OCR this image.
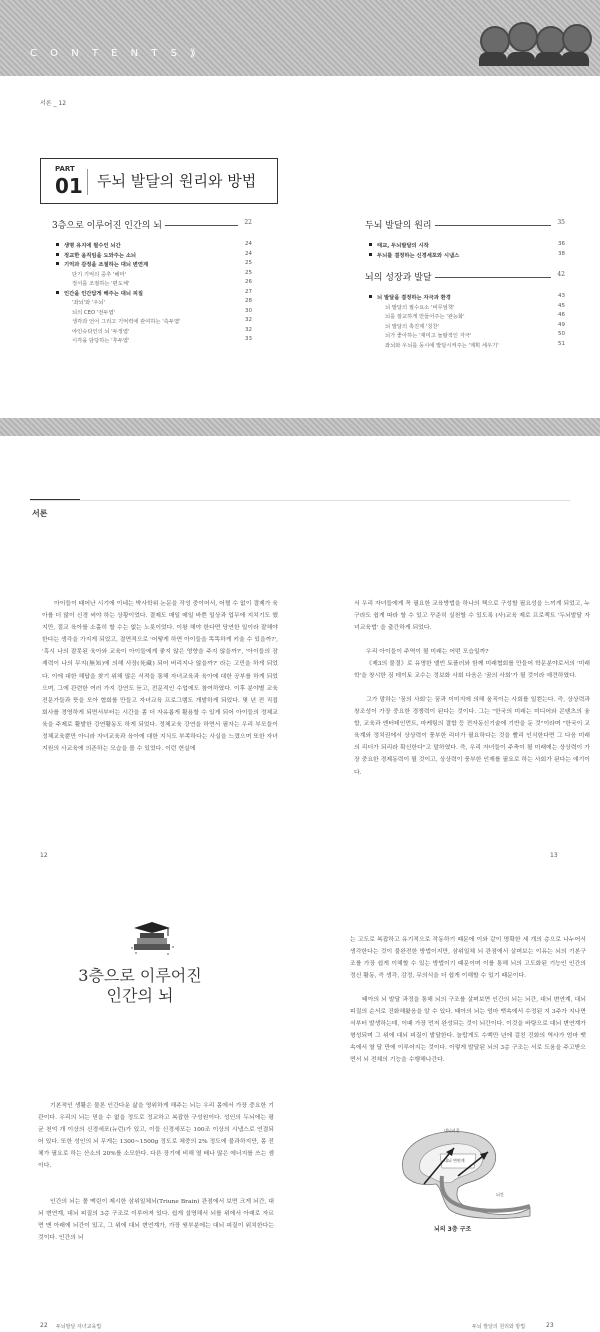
C O N T E N T S ⟫
서론 _ 12
PART
01 두뇌 발달의 원리와 방법
3층으로 이루어진 인간의 뇌	22
생명 유지에 필수인 뇌간	24
정교한 움직임을 도와주는 소뇌	24
기억과 감정을 조절하는 대뇌 변연계	25
단기 기억의 중추 '해마'	25
정서를 조절하는 '편도체'	26
인간을 인간답게 해주는 대뇌 피질	27
'좌뇌'와 '우뇌'	28
뇌의 CEO '전두엽'	30
생각과 언어 그리고 기억력에 관여하는 '측두엽'	32
야인슈타인의 뇌 '두정엽'	32
시각을 담당하는 '후두엽'	33
두뇌 발달의 원리	35
태교, 두뇌발달의 시작	36
두뇌를 결정하는 신경세포와 시냅스	38
뇌의 성장과 발달	42
뇌 발달을 결정하는 자극과 환경	43
뇌 발달의 필수요소 '비무엄책'	45
뇌를 잘교하게 만들어주는 '관능화'	46
뇌 발달의 촉진제 '칭찬'	49
뇌가 좋아하는 '재미고 놀랄적인 자극'	50
좌뇌와 우뇌를 동시에 발달시켜주는 '계획 세우기'	51
서론
아이들이 태어난 시기에 이네는 박사학위 논문을 작성 중이어서, 어쩔 수 없이 결제가 육아를 더 많이 신경 써야 하는 상황이었다. 결제도 매일 매일 바쁜 일상과 업무에 지치기도 했지만, 절교 육아를 소홀히 할 수는 없는 노릇이었다. 이왕 해야 한다면 당연한 일이라 잘해야 한다는 생각을 가지게 되었고, 결면적으로 '어떻게 하면 아이들을 똑똑하게 키울 수 있을까?', '혹시 나의 잘못된 육아와 교육이 아이들에게 좋지 않은 영향을 주지 않을까?', '아이들의 잠재력이 나의 무지(無知)에 의해 사장(死藏) 되어 버리지나 않을까?' 라는 고민을 하게 되었다. 이에 대한 해답을 찾기 위해 많은 서적을 통해 자녀교육과 육아에 대한 공부를 하게 되었으며, 그에 관련한 여러 가지 강연도 듣고, 전문적인 수업에도 참여하였다. 이후 분야별 교육전문가들과 뜻을 모아 협회를 만들고 자녀교육 프로그램도 개발하게 되었다. 몇 년 전 직접 회사를 경영하게 되면서부터는 시간을 좀 더 자유롭게 활용할 수 있게 되어 아이들의 정체교육을 주제로 활발한 강연활동도 하게 되었다. 정체교육 강연을 하면서 필자는 우리 부모들이 정체교육뿐만 아니라 자녀교육과 육아에 대한 지식도 부족하다는 사실을 느꼈으며 또한 자녀지원의 사교육에 의존하는 모습을 볼 수 있었다. 이런 현실에
서 우리 자녀들에게 꼭 필요한 교육방법을 하나의 책으로 구성할 필요성을 느끼게 되었고, 누구라도 쉽게 따라 할 수 있고 꾸준히 실천할 수 있도록 (사)교육 제로 프로젝트 '두뇌발달 자녀교육법' 을 출간하게 되었다.
우리 아이들이 주역이 될 미래는 어떤 모습일까?
《제3의 물결》로 유명한 앨빈 토플러와 함께 미래협회를 만들어 학문분야로서의 '미래학'을 창시한 짐 데이토 교수는 정보화 사회 다음은 '꿈의 사회'가 될 것이라 예견하였다.
그가 말하는 '꿈의 사회'는 꿈과 이미지에 의해 움직이는 사회를 일컫는다. 즉, 상상력과 창조성이 가장 중요한 경쟁력이 된다는 것이다. 그는 "한국의 미래는 미디어와 콘텐츠의 융합, 교육과 엔터테인먼트, 마케팅의 결합 등 전자동신기술에 기반을 둔 것"이라며 "한국이 교육계와 정치권에서 상상력이 풍부한 리더가 필요하다는 것을 빨리 인식한다면 그 다음 미래의 리더가 되리라 확신한다"고 말하였다. 즉, 우리 자녀들이 주축이 될 미래에는 상상력이 가장 중요한 경제동력이 될 것이고, 상상력이 풍부한 인재를 필요로 하는 사회가 된다는 얘기이다.
12	13
3층으로 이루어진
인간의 뇌
기본적인 생활은 물론 인간다운 삶을 영위하게 해주는 뇌는 우리 몸에서 가장 중요한 기관이다. 우리의 뇌는 믿을 수 없을 정도로 정교하고 복잡한 구성원이다. 성인의 두뇌에는 평균 천억 개 이상의 신경세포(뉴런)가 있고, 이들 신경세포는 100조 이상의 시냅스로 연결되어 있다. 또한 성인의 뇌 무게는 1300~1500g 정도로 체중의 2% 정도에 불과하지만, 몸 전체가 필요로 하는 산소의 20%를 소모한다. 다른 장기에 비해 열 배나 많은 에너지를 쓰는 셈이다.
인간의 뇌는 폴 맥린이 제시한 삼위일체뇌(Triune Brain) 관점에서 보면 크게 뇌간, 대뇌 변연계, 대뇌 피질의 3층 구조로 이루어져 있다. 쉽게 설명해서 뇌를 위에서 아래로 자르면 맨 아래에 뇌간이 있고, 그 위에 대뇌 변연계가, 가장 윗부분에는 대뇌 피질이 위치한다는 것이다. 인간의 뇌
는 고도로 복잡하고 유기적으로 작동하기 때문에 이와 같이 명확한 세 개의 층으로 나누어서 생각한다는 것이 불완전한 방법이지만, 삼위일체 뇌 관점에서 살펴보는 이유는 뇌의 기본구조를 가장 쉽게 이해할 수 있는 방법이기 때문이며 이를 통해 뇌의 고도화된 기능인 인간의 정신 활동, 즉 생각, 감정, 무의식을 더 쉽게 이해할 수 있기 때문이다.
태아의 뇌 발달 과정을 통해 뇌의 구조를 살펴보면 인간의 뇌는 뇌간, 대뇌 변연계, 대뇌 피질의 순서로 진화해왔음을 알 수 있다. 태아의 뇌는 엄마 뱃속에서 수정된 지 3주가 지나면서부터 발생하는데, 이때 가장 먼저 완성되는 것이 뇌간이다. 이것을 바탕으로 대뇌 변연계가 형성되며 그 위에 대뇌 피질이 발달한다. 놀랍게도 수백만 년에 걸친 진화의 역사가 엄마 뱃속에서 열 달 만에 이루어지는 것이다. 이렇게 발달된 뇌의 3층 구조는 서로 도움을 주고받으면서 뇌 전체의 기능을 수행해나간다.
대뇌피질
대뇌 변연계
뇌간
뇌의 3층 구조
22 두뇌발달 자녀교육법	두뇌 발달의 원리와 방법	23
